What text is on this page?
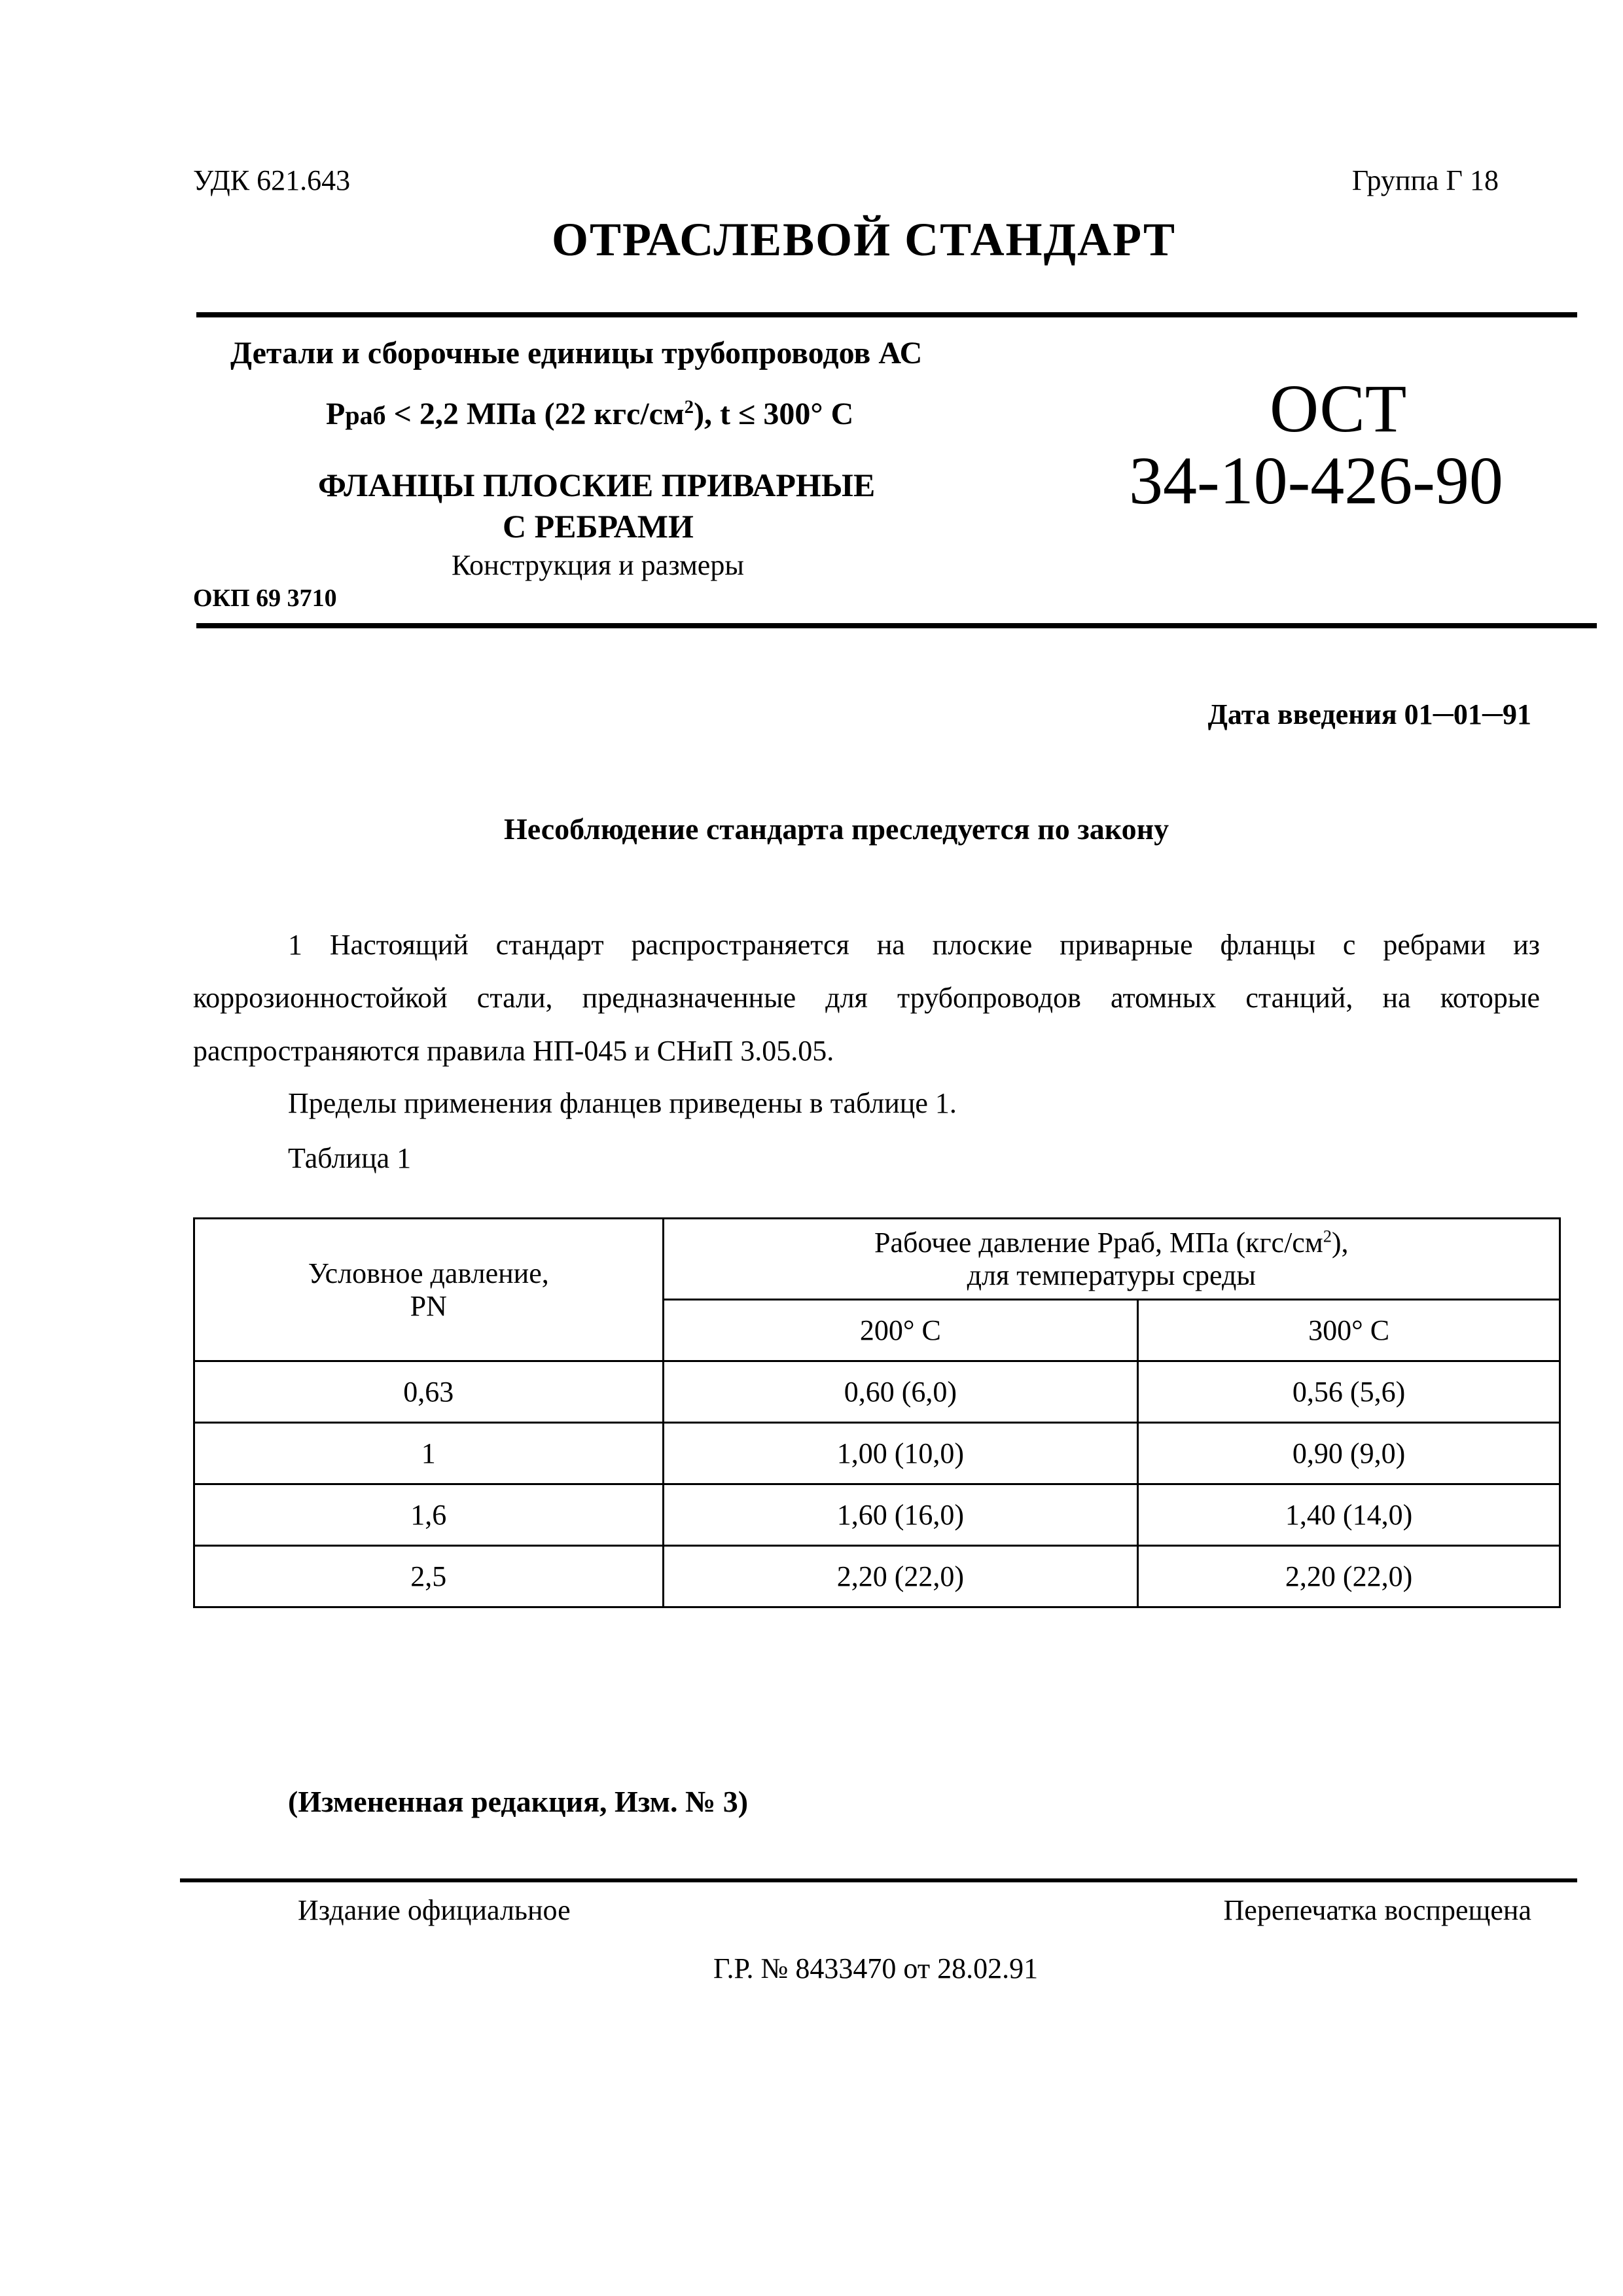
УДК 621.643	Группа Г 18
ОТРАСЛЕВОЙ СТАНДАРТ
Детали и сборочные единицы трубопроводов АС
Рраб < 2,2 МПа (22 кгс/$см^2$), t ≤ 300° С
ФЛАНЦЫ ПЛОСКИЕ ПРИВАРНЫЕ
С РЕБРАМИ
Конструкция и размеры
ОКП 69 3710
ОСТ
34-10-426-90
Дата введения 01─01─91
Несоблюдение стандарта преследуется по закону
1 Настоящий стандарт распространяется на плоские приварные фланцы с ребрами из коррозионностойкой стали, предназначенные для трубопроводов атомных станций, на которые распространяются правила НП-045 и СНиП 3.05.05.
Пределы применения фланцев приведены в таблице 1.
Таблица 1
Условное давление, PN	Рабочее давление Рраб, МПа $(кгс/см^2)$,
для температуры среды	
	200° С	300° С
0,63	0,60 (6,0)	0,56 (5,6)
1	1,00 (10,0)	0,90 (9,0)
1,6	1,60 (16,0)	1,40 (14,0)
2,5	2,20 (22,0)	2,20 (22,0)
(Измененная редакция, Изм. № 3)
Издание официальное	Перепечатка воспрещена
Г.Р. № 8433470 от 28.02.91
